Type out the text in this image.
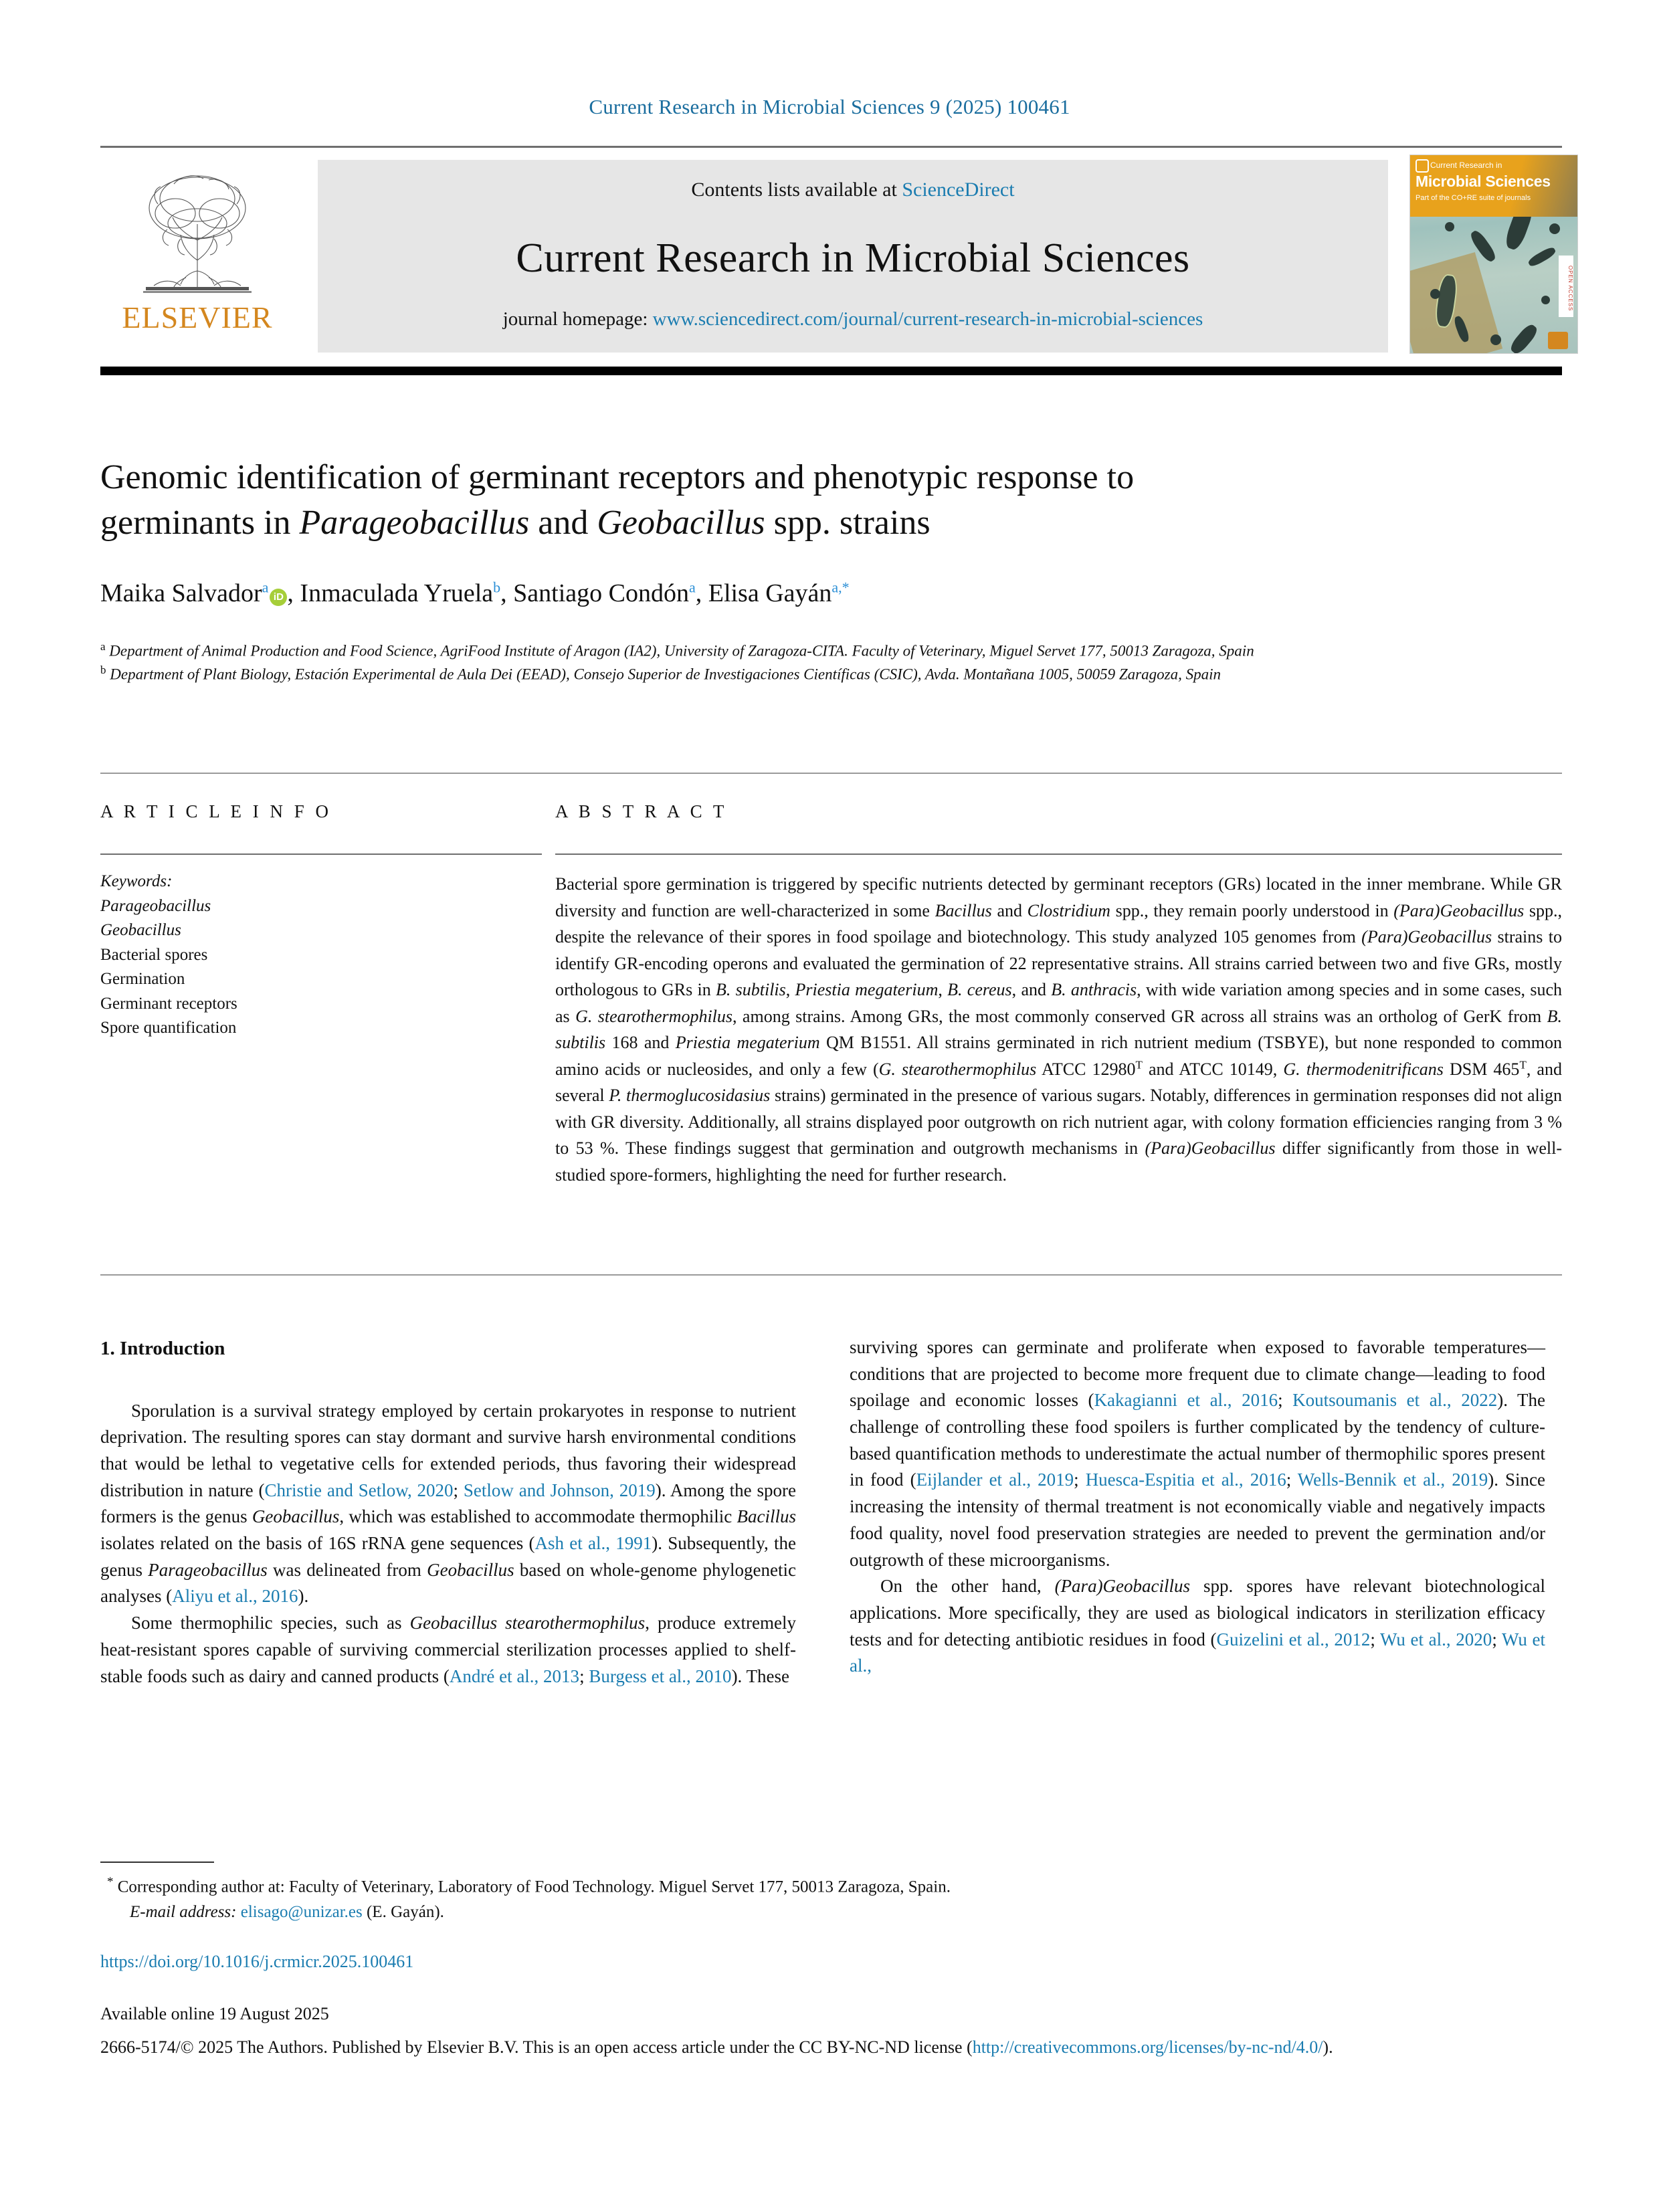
Current Research in Microbial Sciences 9 (2025) 100461
ELSEVIER
Contents lists available at ScienceDirect
Current Research in Microbial Sciences
journal homepage: www.sciencedirect.com/journal/current-research-in-microbial-sciences
Current Research in
Microbial Sciences
Part of the CO+RE suite of journals
OPEN ACCESS
Genomic identification of germinant receptors and phenotypic response to
germinants in Parageobacillus and Geobacillus spp. strains
Maika Salvador$^a$iD , Inmaculada Yruela$^b$, Santiago Condón$^a$, Elisa Gayán$^{a,*}$
$^a$ Department of Animal Production and Food Science, AgriFood Institute of Aragon (IA2), University of Zaragoza-CITA. Faculty of Veterinary, Miguel Servet 177, 50013 Zaragoza, Spain
$^b$ Department of Plant Biology, Estación Experimental de Aula Dei (EEAD), Consejo Superior de Investigaciones Científicas (CSIC), Avda. Montañana 1005, 50059 Zaragoza, Spain
A R T I C L E I N F O
Keywords:
Parageobacillus
Geobacillus
Bacterial spores
Germination
Germinant receptors
Spore quantification
A B S T R A C T
Bacterial spore germination is triggered by specific nutrients detected by germinant receptors (GRs) located in the inner membrane. While GR diversity and function are well-characterized in some Bacillus and Clostridium spp., they remain poorly understood in (Para)Geobacillus spp., despite the relevance of their spores in food spoilage and biotechnology. This study analyzed 105 genomes from (Para)Geobacillus strains to identify GR-encoding operons and evaluated the germination of 22 representative strains. All strains carried between two and five GRs, mostly orthologous to GRs in B. subtilis, Priestia megaterium, B. cereus, and B. anthracis, with wide variation among species and in some cases, such as G. stearothermophilus, among strains. Among GRs, the most commonly conserved GR across all strains was an ortholog of GerK from B. subtilis 168 and Priestia megaterium QM B1551. All strains germinated in rich nutrient medium (TSBYE), but none responded to common amino acids or nucleosides, and only a few (G. stearothermophilus ATCC $12980^T$ and ATCC 10149, G. thermodenitrificans DSM $465^T$, and several P. thermoglucosidasius strains) germinated in the presence of various sugars. Notably, differences in germination responses did not align with GR diversity. Additionally, all strains displayed poor outgrowth on rich nutrient agar, with colony formation efficiencies ranging from 3 % to 53 %. These findings suggest that germination and outgrowth mechanisms in (Para)Geobacillus differ significantly from those in well-studied spore-formers, highlighting the need for further research.
1. Introduction

Sporulation is a survival strategy employed by certain prokaryotes in response to nutrient deprivation. The resulting spores can stay dormant and survive harsh environmental conditions that would be lethal to vegetative cells for extended periods, thus favoring their widespread distribution in nature (Christie and Setlow, 2020; Setlow and Johnson, 2019). Among the spore formers is the genus Geobacillus, which was established to accommodate thermophilic Bacillus isolates related on the basis of 16S rRNA gene sequences (Ash et al., 1991). Subsequently, the genus Parageobacillus was delineated from Geobacillus based on whole-genome phylogenetic analyses (Aliyu et al., 2016).

Some thermophilic species, such as Geobacillus stearothermophilus, produce extremely heat-resistant spores capable of surviving commercial sterilization processes applied to shelf-stable foods such as dairy and canned products (André et al., 2013; Burgess et al., 2010). These

surviving spores can germinate and proliferate when exposed to favorable temperatures—conditions that are projected to become more frequent due to climate change—leading to food spoilage and economic losses (Kakagianni et al., 2016; Koutsoumanis et al., 2022). The challenge of controlling these food spoilers is further complicated by the tendency of culture-based quantification methods to underestimate the actual number of thermophilic spores present in food (Eijlander et al., 2019; Huesca-Espitia et al., 2016; Wells-Bennik et al., 2019). Since increasing the intensity of thermal treatment is not economically viable and negatively impacts food quality, novel food preservation strategies are needed to prevent the germination and/or outgrowth of these microorganisms.

On the other hand, (Para)Geobacillus spp. spores have relevant biotechnological applications. More specifically, they are used as biological indicators in sterilization efficacy tests and for detecting antibiotic residues in food (Guizelini et al., 2012; Wu et al., 2020; Wu et al.,

* Corresponding author at: Faculty of Veterinary, Laboratory of Food Technology. Miguel Servet 177, 50013 Zaragoza, Spain.
E-mail address: elisago@unizar.es (E. Gayán).
https://doi.org/10.1016/j.crmicr.2025.100461
Available online 19 August 2025
2666-5174/© 2025 The Authors. Published by Elsevier B.V. This is an open access article under the CC BY-NC-ND license (http://creativecommons.org/licenses/by-nc-nd/4.0/).
